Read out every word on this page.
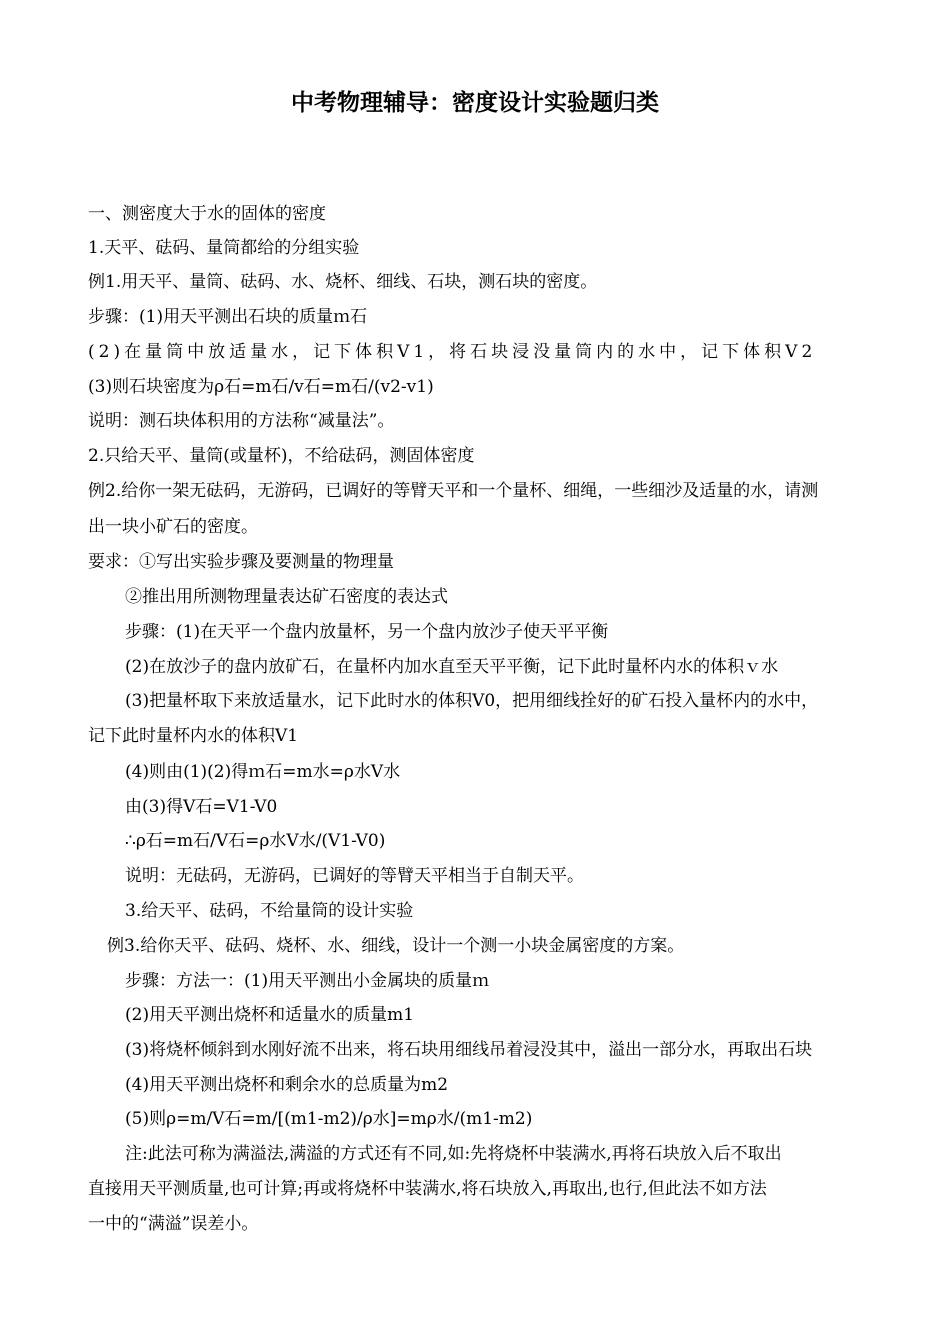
中考物理辅导：密度设计实验题归类
一、测密度大于水的固体的密度
1.天平、砝码、量筒都给的分组实验
例1.用天平、量筒、砝码、水、烧杯、细线、石块，测石块的密度。
步骤：(1)用天平测出石块的质量ｍ石
(2)在量筒中放适量水，记下体积V1，将石块浸没量筒内的水中，记下体积V2
(3)则石块密度为ρ石=m石/v石=m石/(v2-v1)
说明：测石块体积用的方法称“减量法”。
2.只给天平、量筒(或量杯)，不给砝码，测固体密度
例2.给你一架无砝码，无游码，已调好的等臂天平和一个量杯、细绳，一些细沙及适量的水，请测
出一块小矿石的密度。
要求：①写出实验步骤及要测量的物理量
②推出用所测物理量表达矿石密度的表达式
步骤：(1)在天平一个盘内放量杯，另一个盘内放沙子使天平平衡
(2)在放沙子的盘内放矿石，在量杯内加水直至天平平衡，记下此时量杯内水的体积ｖ水
(3)把量杯取下来放适量水，记下此时水的体积V0，把用细线拴好的矿石投入量杯内的水中，
记下此时量杯内水的体积V1
(4)则由(1)(2)得ｍ石=m水=ρ水V水
由(3)得V石=V1-V0
∴ρ石=m石/V石=ρ水V水/(V1-V0)
说明：无砝码，无游码，已调好的等臂天平相当于自制天平。
3.给天平、砝码，不给量筒的设计实验
例3.给你天平、砝码、烧杯、水、细线，设计一个测一小块金属密度的方案。
步骤：方法一：(1)用天平测出小金属块的质量ｍ
(2)用天平测出烧杯和适量水的质量m1
(3)将烧杯倾斜到水刚好流不出来，将石块用细线吊着浸没其中，溢出一部分水，再取出石块
(4)用天平测出烧杯和剩余水的总质量为m2
(5)则ρ=m/V石=m/[(m1-m2)/ρ水]=mρ水/(m1-m2)
注:此法可称为满溢法,满溢的方式还有不同,如:先将烧杯中装满水,再将石块放入后不取出
直接用天平测质量,也可计算;再或将烧杯中装满水,将石块放入,再取出,也行,但此法不如方法
一中的“满溢”误差小。
